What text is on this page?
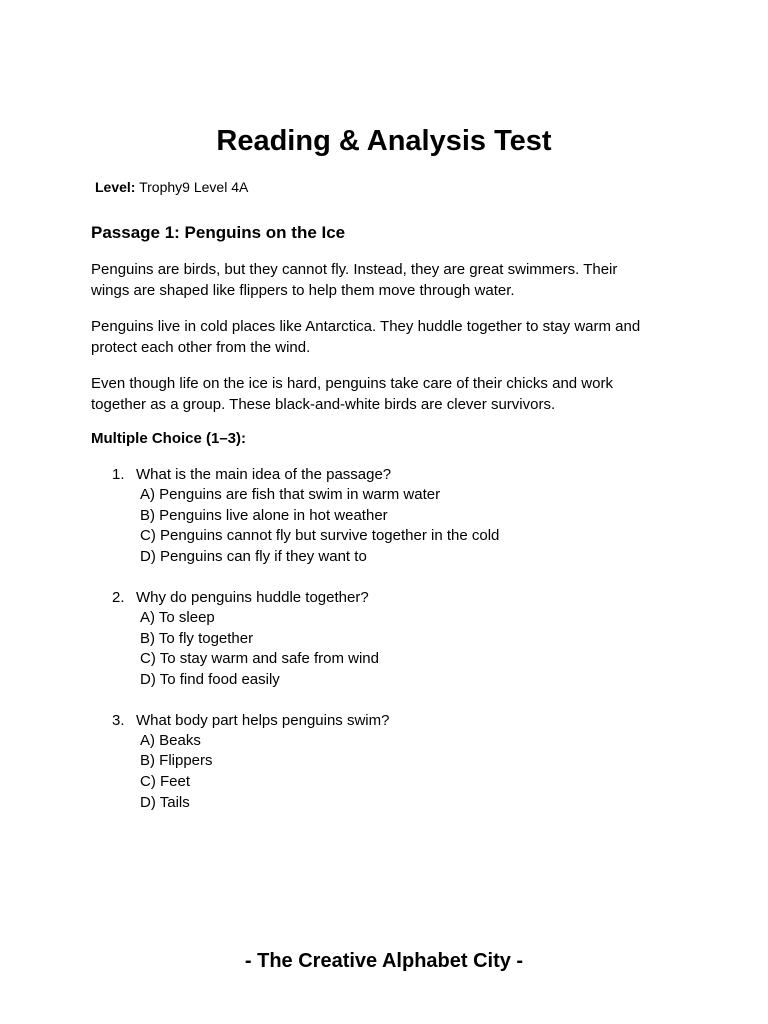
Reading & Analysis Test
Level: Trophy9 Level 4A
Passage 1: Penguins on the Ice

Penguins are birds, but they cannot fly. Instead, they are great swimmers. Their wings are shaped like flippers to help them move through water.

Penguins live in cold places like Antarctica. They huddle together to stay warm and protect each other from the wind.

Even though life on the ice is hard, penguins take care of their chicks and work together as a group. These black-and-white birds are clever survivors.

Multiple Choice (1–3):
1. What is the main idea of the passage?
A) Penguins are fish that swim in warm water
B) Penguins live alone in hot weather
C) Penguins cannot fly but survive together in the cold
D) Penguins can fly if they want to
2. Why do penguins huddle together?
A) To sleep
B) To fly together
C) To stay warm and safe from wind
D) To find food easily
3. What body part helps penguins swim?
A) Beaks
B) Flippers
C) Feet
D) Tails
- The Creative Alphabet City -
